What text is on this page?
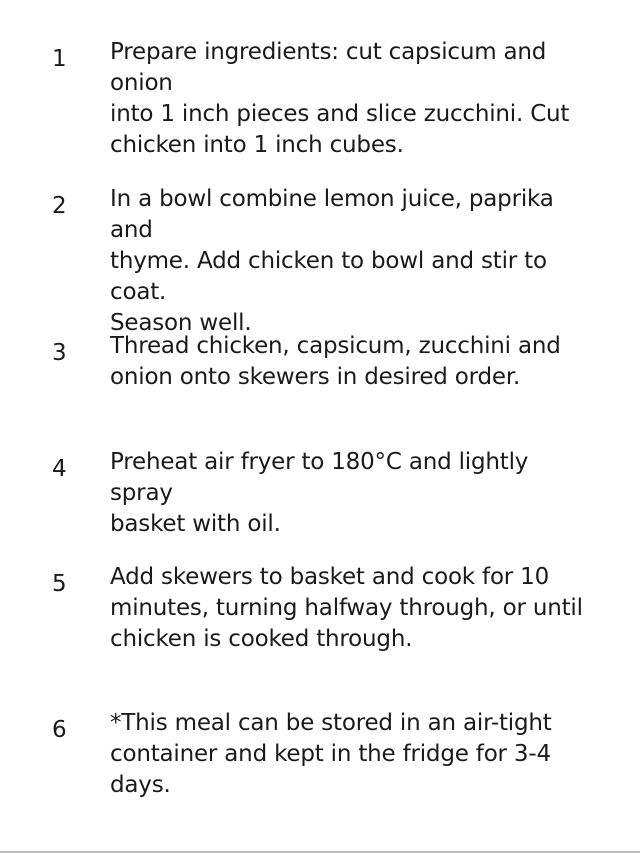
1	Prepare ingredients: cut capsicum and onion
into 1 inch pieces and slice zucchini. Cut
chicken into 1 inch cubes.
2	In a bowl combine lemon juice, paprika and
thyme. Add chicken to bowl and stir to coat.
Season well.
3	Thread chicken, capsicum, zucchini and
onion onto skewers in desired order.
4	Preheat air fryer to 180°C and lightly spray
basket with oil.
5	Add skewers to basket and cook for 10
minutes, turning halfway through, or until
chicken is cooked through.
6	*This meal can be stored in an air-tight
container and kept in the fridge for 3-4
days.
